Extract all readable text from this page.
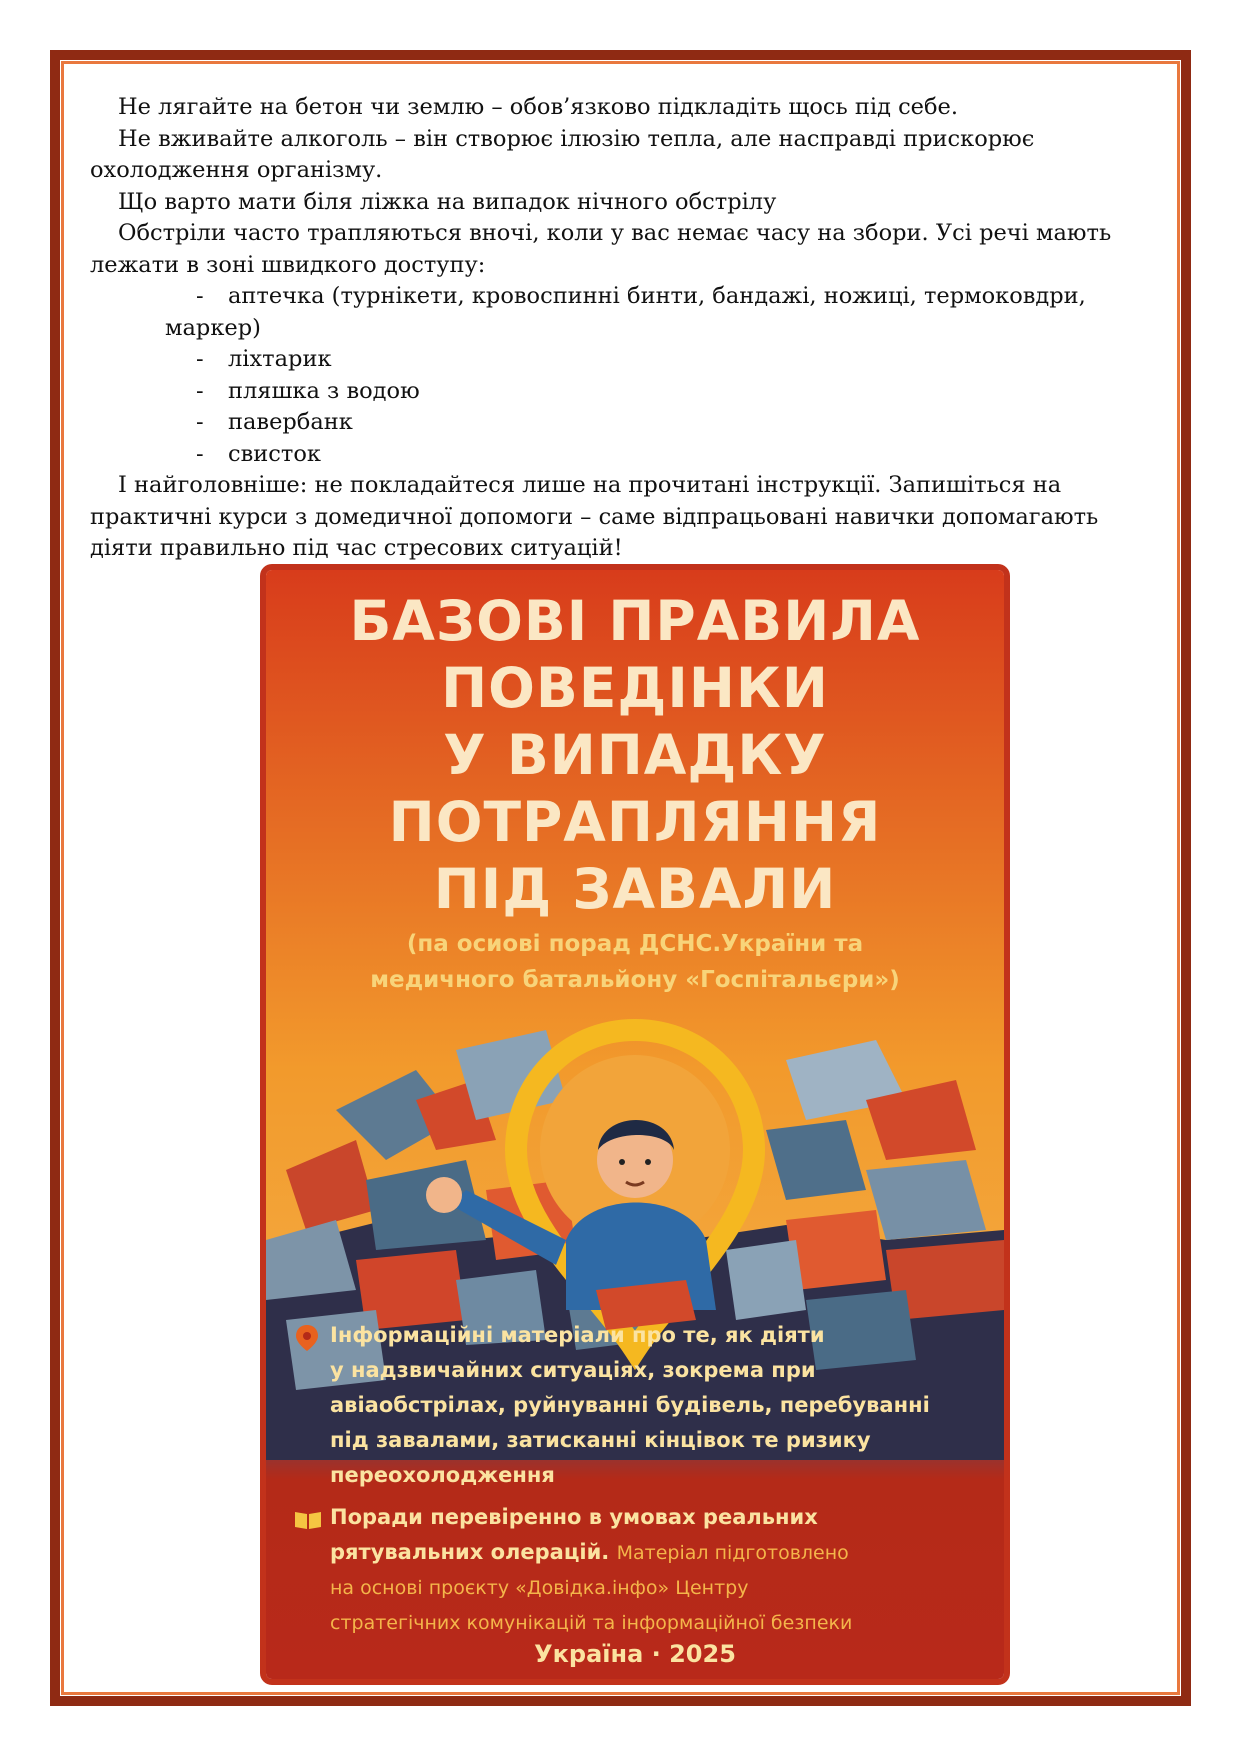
Не лягайте на бетон чи землю – обов’язково підкладіть щось під себе.

Не вживайте алкоголь – він створює ілюзію тепла, але насправді прискорює охолодження організму.

Що варто мати біля ліжка на випадок нічного обстрілу

Обстріли часто трапляються вночі, коли у вас немає часу на збори. Усі речі мають лежати в зоні швидкого доступу:

- аптечка (турнікети, кровоспинні бинти, бандажі, ножиці, термоковдри, маркер)
- ліхтарик
- пляшка з водою
- павербанк
- свисток

І найголовніше: не покладайтеся лише на прочитані інструкції. Запишіться на практичні курси з домедичної допомоги – саме відпрацьовані навички допомагають діяти правильно під час стресових ситуацій!

БАЗОВІ ПРАВИЛА
ПОВЕДІНКИ
У ВИПАДКУ
ПОТРАПЛЯННЯ
ПІД ЗАВАЛИ
(па осиові порад ДСНС.України та
медичного батальйону «Госпітальєри»)
Інформаційні матеріали про те, як діяти
у надзвичайних ситуаціях, зокрема при
авіаобстрілах, руйнуванні будівель, перебуванні
під завалами, затисканні кінцівок те ризику
переохолодження
Поради перевіренно в умовах реальних
рятувальних олерацій. Матеріал підготовлено
на основі проєкту «Довідка.інфо» Центру
стратегічних комунікацій та інформаційної безпеки
Україна · 2025
